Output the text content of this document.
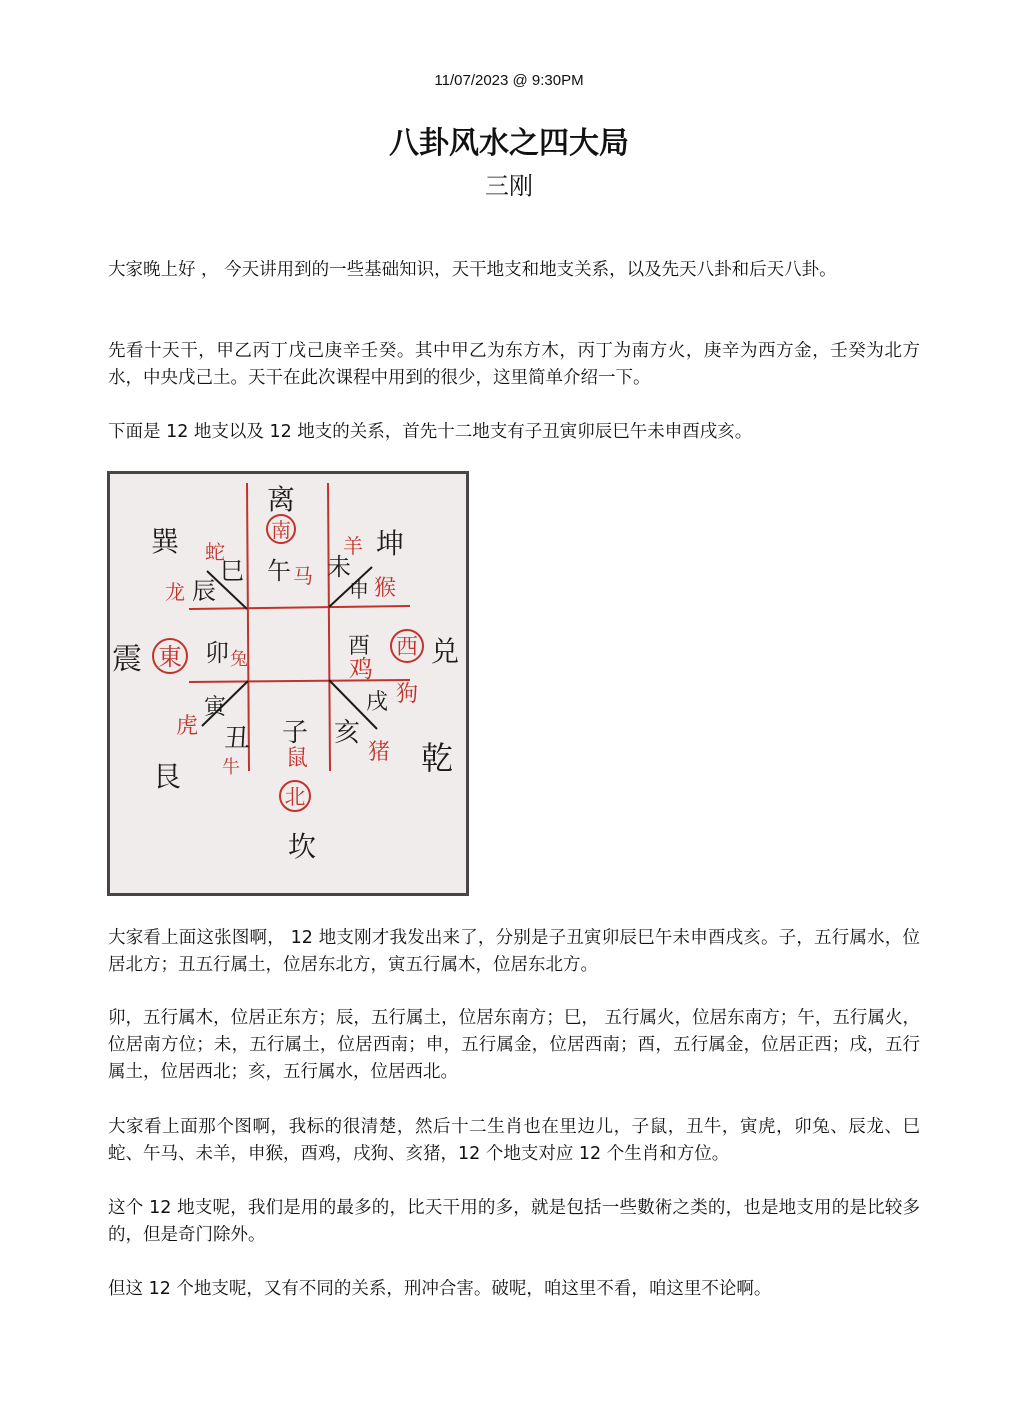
11/07/2023 @ 9:30PM
八卦风水之四大局
三刚

大家晚上好 ， 今天讲用到的一些基础知识，天干地支和地支关系，以及先天八卦和后天八卦。

先看十天干，甲乙丙丁戊己庚辛壬癸。其中甲乙为东方木，丙丁为南方火，庚辛为西方金，壬癸为北方水，中央戊己土。天干在此次课程中用到的很少，这里简单介绍一下。

下面是 12 地支以及 12 地支的关系，首先十二地支有子丑寅卯辰巳午未申酉戌亥。

离
巽	坤
震	兑
艮	乾
坎
南
東	西
北
巳 午 未
辰	申
卯	酉
寅	戌
丑 子 亥
蛇
马
羊
龙	猴
兔	鸡
虎
狗
牛 鼠	猪

大家看上面这张图啊， 12 地支刚才我发出来了，分别是子丑寅卯辰巳午未申酉戌亥。子，五行属水，位居北方；丑五行属土，位居东北方，寅五行属木，位居东北方。

卯，五行属木，位居正东方；辰，五行属土，位居东南方；巳， 五行属火，位居东南方；午，五行属火，位居南方位；未，五行属土，位居西南；申，五行属金，位居西南；酉，五行属金，位居正西；戌，五行属土，位居西北；亥，五行属水，位居西北。

大家看上面那个图啊，我标的很清楚，然后十二生肖也在里边儿，子鼠，丑牛，寅虎，卯兔、辰龙、巳蛇、午马、未羊，申猴，酉鸡，戌狗、亥猪，12 个地支对应 12 个生肖和方位。

这个 12 地支呢，我们是用的最多的，比天干用的多，就是包括一些數術之类的，也是地支用的是比较多的，但是奇门除外。

但这 12 个地支呢，又有不同的关系，刑冲合害。破呢，咱这里不看，咱这里不论啊。
